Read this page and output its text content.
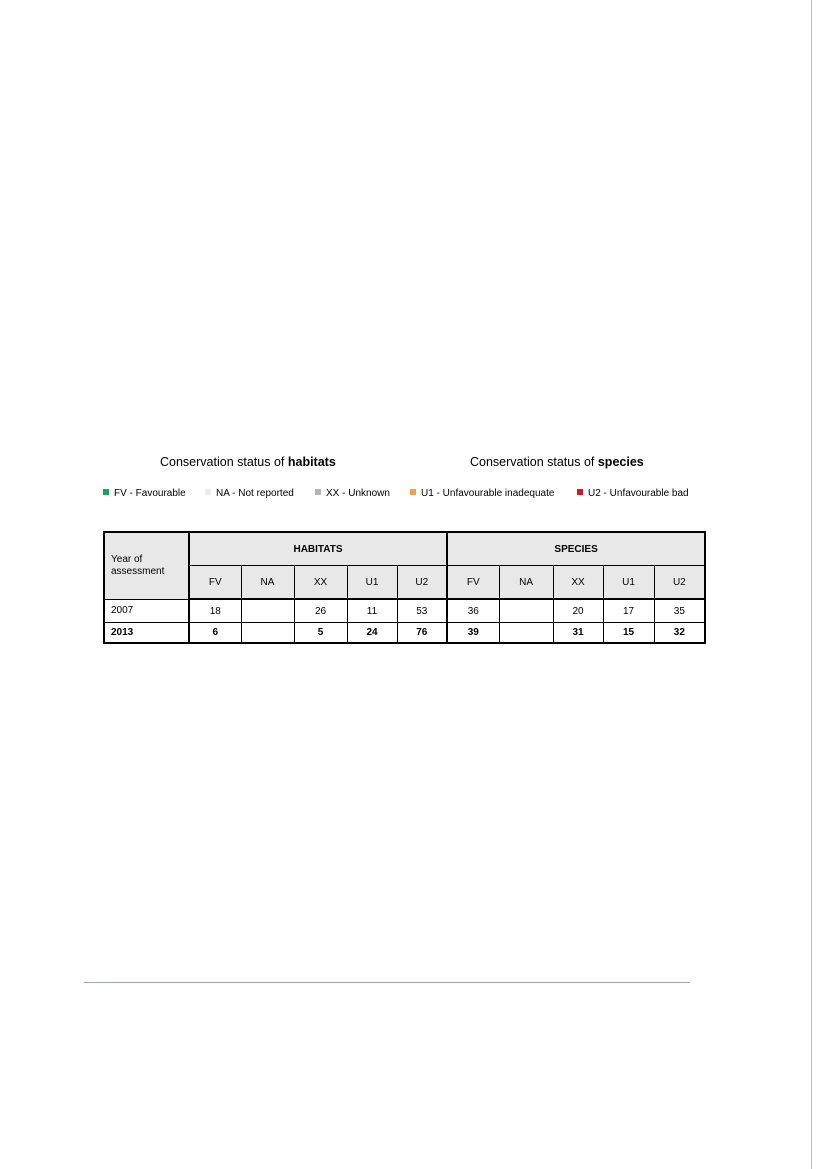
Conservation status of habitats	Conservation status of species
FV - Favourable	NA - Not reported	XX - Unknown	U1 - Unfavourable inadequate	U2 - Unfavourable bad
Year of assessment	HABITATS					SPECIES				
	FV	NA	XX	U1	U2	FV	NA	XX	U1	U2
2007	18		26	11	53	36		20	17	35
2013	6		5	24	76	39		31	15	32
